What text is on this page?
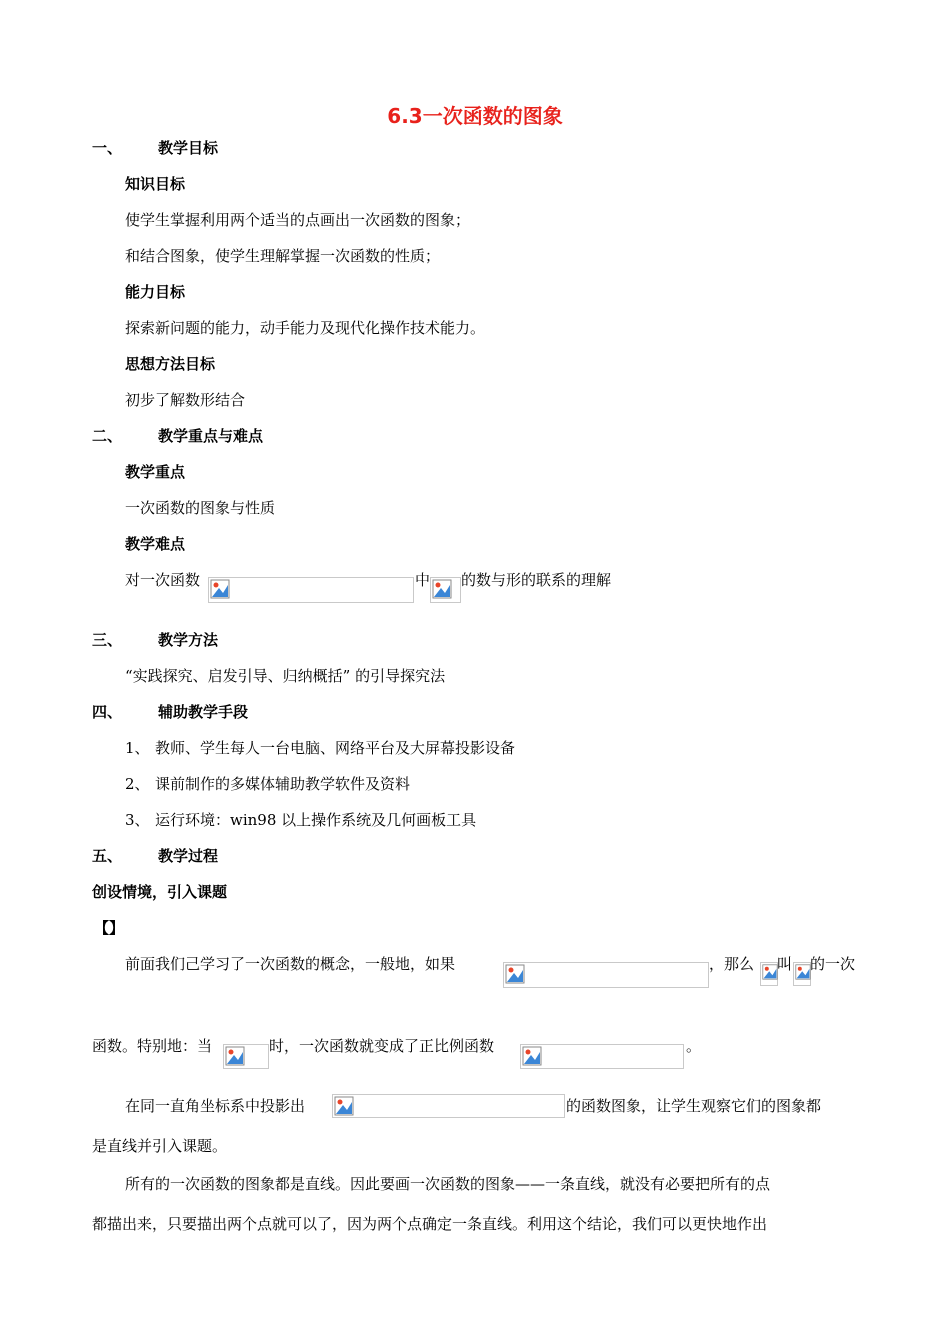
6.3一次函数的图象
一、 教学目标
知识目标
使学生掌握利用两个适当的点画出一次函数的图象；
和结合图象，使学生理解掌握一次函数的性质；
能力目标
探索新问题的能力，动手能力及现代化操作技术能力。
思想方法目标
初步了解数形结合
二、 教学重点与难点
教学重点
一次函数的图象与性质
教学难点
对一次函数	中 的数与形的联系的理解
三、 教学方法
“实践探究、启发引导、归纳概括” 的引导探究法
四、 辅助教学手段
1、 教师、学生每人一台电脑、网络平台及大屏幕投影设备
2、 课前制作的多媒体辅助教学软件及资料
3、 运行环境：win98 以上操作系统及几何画板工具
五、 教学过程
创设情境，引入课题
【】
前面我们己学习了一次函数的概念，一般地，如果	，那么 叫 的一次
函数。特别地：当	时，一次函数就变成了正比例函数	。
在同一直角坐标系中投影出	的函数图象，让学生观察它们的图象都
是直线并引入课题。
所有的一次函数的图象都是直线。因此要画一次函数的图象——一条直线，就没有必要把所有的点
都描出来，只要描出两个点就可以了，因为两个点确定一条直线。利用这个结论，我们可以更快地作出
